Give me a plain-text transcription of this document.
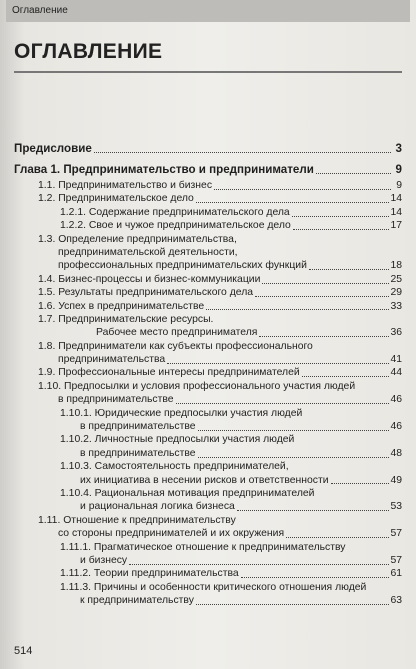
Оглавление
ОГЛАВЛЕНИЕ
Предисловие	3
Глава 1. Предпринимательство и предприниматели	9
1.1. Предпринимательство и бизнес	9
1.2. Предпринимательское дело	14
1.2.1. Содержание предпринимательского дела	14
1.2.2. Свое и чужое предпринимательское дело	17
1.3. Определение предпринимательства,
предпринимательской деятельности,
профессиональных предпринимательских функций	18
1.4. Бизнес-процессы и бизнес-коммуникации	25
1.5. Результаты предпринимательского дела	29
1.6. Успех в предпринимательстве	33
1.7. Предпринимательские ресурсы.
Рабочее место предпринимателя	36
1.8. Предприниматели как субъекты профессионального
предпринимательства	41
1.9. Профессиональные интересы предпринимателей	44
1.10. Предпосылки и условия профессионального участия людей
в предпринимательстве	46
1.10.1. Юридические предпосылки участия людей
в предпринимательстве	46
1.10.2. Личностные предпосылки участия людей
в предпринимательстве	48
1.10.3. Самостоятельность предпринимателей,
их инициатива в несении рисков и ответственности	49
1.10.4. Рациональная мотивация предпринимателей
и рациональная логика бизнеса	53
1.11. Отношение к предпринимательству
со стороны предпринимателей и их окружения	57
1.11.1. Прагматическое отношение к предпринимательству
и бизнесу	57
1.11.2. Теории предпринимательства	61
1.11.3. Причины и особенности критического отношения людей
к предпринимательству	63
514
